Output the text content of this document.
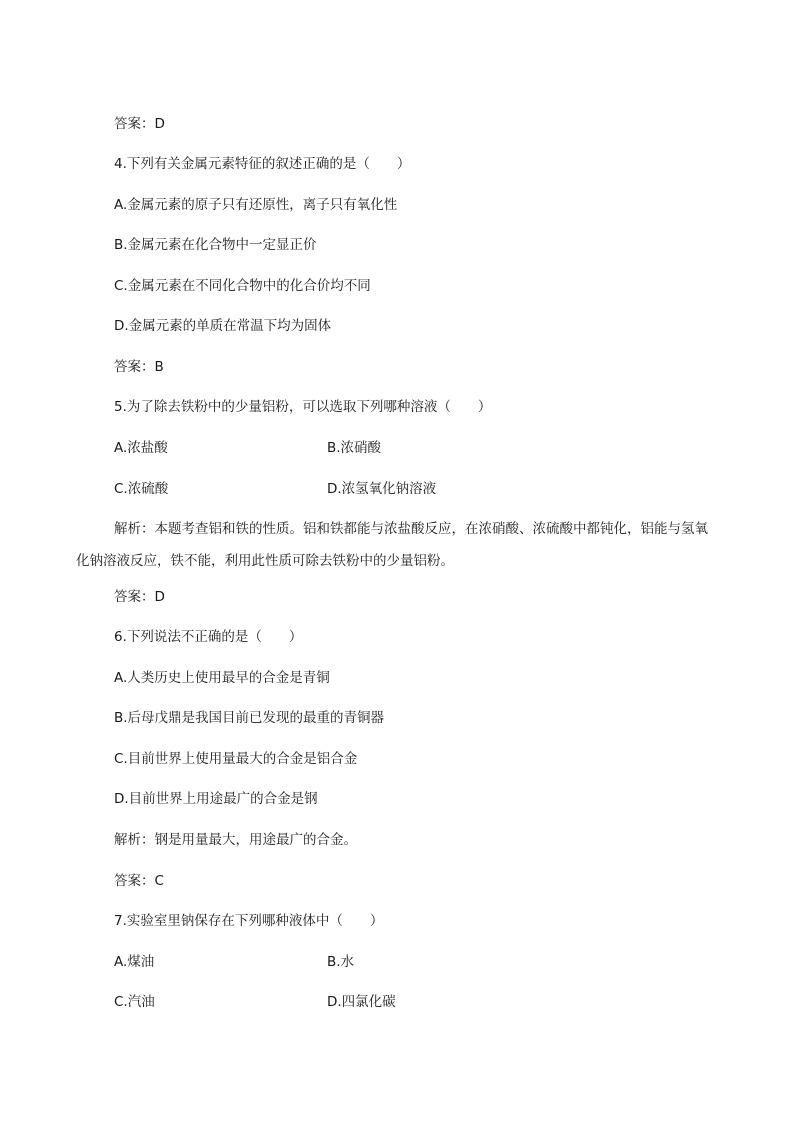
答案：D
4.下列有关金属元素特征的叙述正确的是（　　）
A.金属元素的原子只有还原性，离子只有氧化性
B.金属元素在化合物中一定显正价
C.金属元素在不同化合物中的化合价均不同
D.金属元素的单质在常温下均为固体
答案：B
5.为了除去铁粉中的少量铝粉，可以选取下列哪种溶液（　　）
A.浓盐酸	B.浓硝酸
C.浓硫酸	D.浓氢氧化钠溶液
解析：本题考查铝和铁的性质。铝和铁都能与浓盐酸反应，在浓硝酸、浓硫酸中都钝化，铝能与氢氧化钠溶液反应，铁不能，利用此性质可除去铁粉中的少量铝粉。
答案：D
6.下列说法不正确的是（　　）
A.人类历史上使用最早的合金是青铜
B.后母戊鼎是我国目前已发现的最重的青铜器
C.目前世界上使用量最大的合金是铝合金
D.目前世界上用途最广的合金是钢
解析：钢是用量最大，用途最广的合金。
答案：C
7.实验室里钠保存在下列哪种液体中（　　）
A.煤油	B.水
C.汽油	D.四氯化碳
